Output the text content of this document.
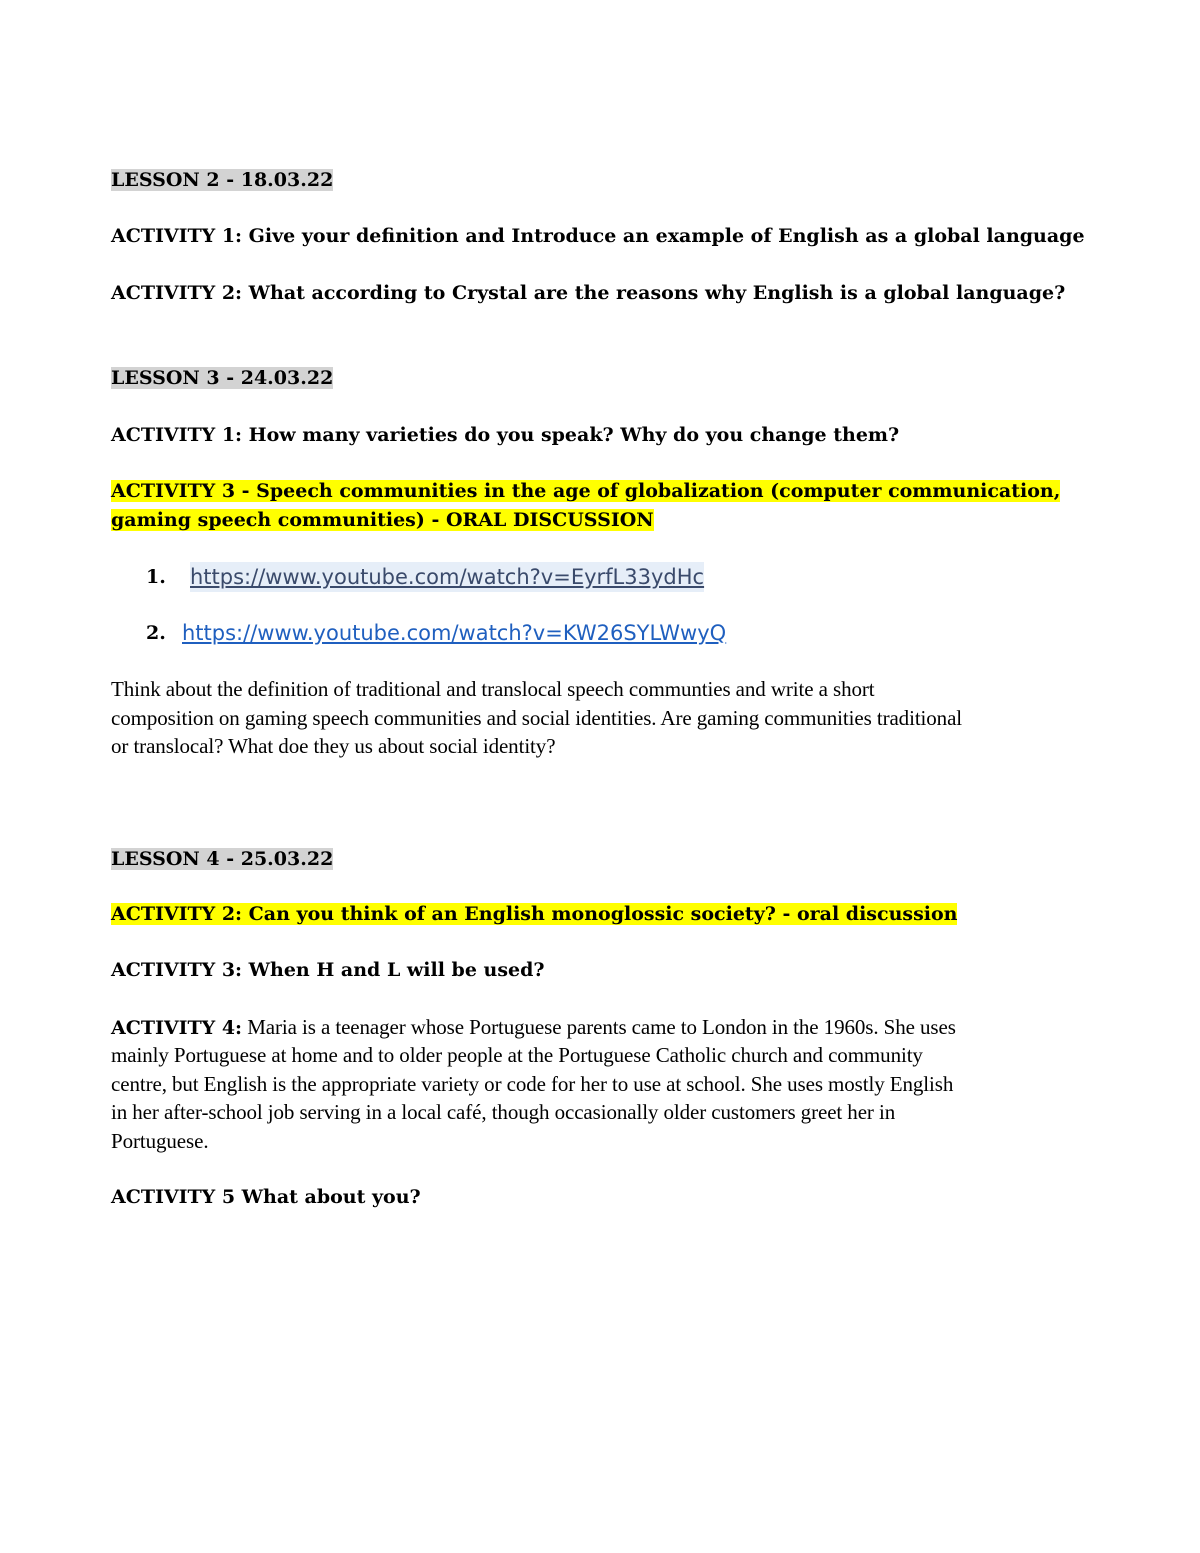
LESSON 2 - 18.03.22
ACTIVITY 1: Give your definition and Introduce an example of English as a global language
ACTIVITY 2: What according to Crystal are the reasons why English is a global language?
LESSON 3 - 24.03.22
ACTIVITY 1: How many varieties do you speak? Why do you change them?
ACTIVITY 3 - Speech communities in the age of globalization (computer communication,
gaming speech communities) - ORAL DISCUSSION
1. https://www.youtube.com/watch?v=EyrfL33ydHc
2. https://www.youtube.com/watch?v=KW26SYLWwyQ
Think about the definition of traditional and translocal speech communties and write a short
composition on gaming speech communities and social identities. Are gaming communities traditional
or translocal? What doe they us about social identity?
LESSON 4 - 25.03.22
ACTIVITY 2: Can you think of an English monoglossic society? - oral discussion
ACTIVITY 3: When H and L will be used?
ACTIVITY 4: Maria is a teenager whose Portuguese parents came to London in the 1960s. She uses
mainly Portuguese at home and to older people at the Portuguese Catholic church and community
centre, but English is the appropriate variety or code for her to use at school. She uses mostly English
in her after-school job serving in a local café, though occasionally older customers greet her in
Portuguese.
ACTIVITY 5 What about you?
